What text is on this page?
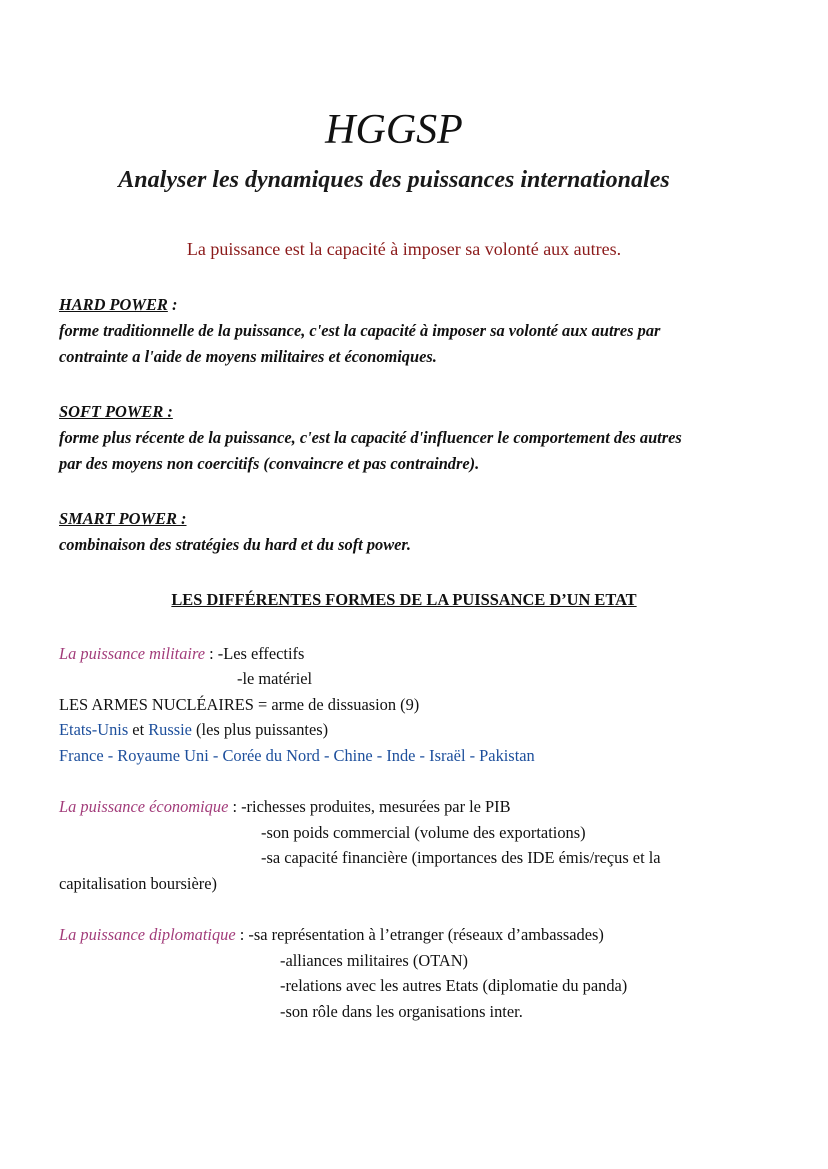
HGGSP
Analyser les dynamiques des puissances internationales
La puissance est la capacité à imposer sa volonté aux autres.
HARD POWER :
forme traditionnelle de la puissance, c'est la capacité à imposer sa volonté aux autres par
contrainte a l'aide de moyens militaires et économiques.
SOFT POWER :
forme plus récente de la puissance, c'est la capacité d'influencer le comportement des autres
par des moyens non coercitifs (convaincre et pas contraindre).
SMART POWER :
combinaison des stratégies du hard et du soft power.
LES DIFFÉRENTES FORMES DE LA PUISSANCE D’UN ETAT
La puissance militaire : -Les effectifs
-le matériel
LES ARMES NUCLÉAIRES = arme de dissuasion (9)
Etats-Unis et Russie (les plus puissantes)
France - Royaume Uni - Corée du Nord - Chine - Inde - Israël - Pakistan
La puissance économique : -richesses produites, mesurées par le PIB
-son poids commercial (volume des exportations)
-sa capacité financière (importances des IDE émis/reçus et la
capitalisation boursière)
La puissance diplomatique : -sa représentation à l’etranger (réseaux d’ambassades)
-alliances militaires (OTAN)
-relations avec les autres Etats (diplomatie du panda)
-son rôle dans les organisations inter.
